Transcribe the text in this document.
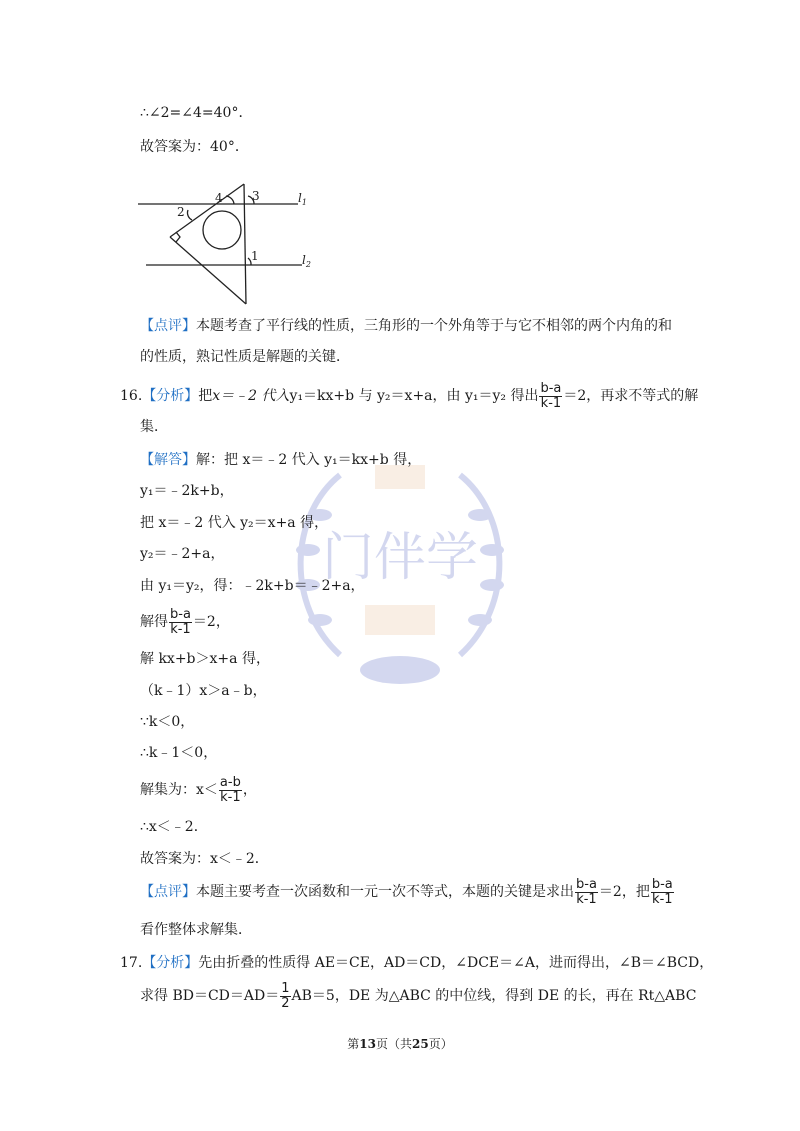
门伴学
∴∠2=∠4=40°．
故答案为：40°．
2
4 3
1
$l_1$
$l_2$
【点评】本题考查了平行线的性质，三角形的一个外角等于与它不相邻的两个内角的和
的性质，熟记性质是解题的关键．
16.【分析】把x＝﹣2 代入y₁＝kx+b 与 y₂＝x+a，由 y₁＝y₂ 得出 $\frac{b-a}{k-1} =2$，再求不等式的解
集．
【解答】解：把 x＝﹣2 代入 y₁＝kx+b 得，
y₁＝﹣2k+b，
把 x＝﹣2 代入 y₂＝x+a 得，
y₂＝﹣2+a，
由 y₁＝y₂，得：﹣2k+b＝﹣2+a，
解得 $\frac{b-a}{k-1} =2$，
解 kx+b＞x+a 得，
（k﹣1）x＞a﹣b，
∵k＜0，
∴k﹣1＜0，
解集为：$x< \frac{a-b}{k-1}$ ，
∴x＜﹣2．
故答案为：x＜﹣2．
【点评】本题主要考查一次函数和一元一次不等式，本题的关键是求出 $\frac{b-a}{k-1} =2$，把 $\frac{b-a}{k-1}$
看作整体求解集．
17.【分析】先由折叠的性质得 AE＝CE，AD＝CD，∠DCE＝∠A，进而得出，∠B＝∠BCD，
求得 $BD=CD=AD= \frac{1}{2} AB=5$，DE 为△ABC 的中位线，得到 DE 的长，再在 Rt△ABC
第13页（共25页）
